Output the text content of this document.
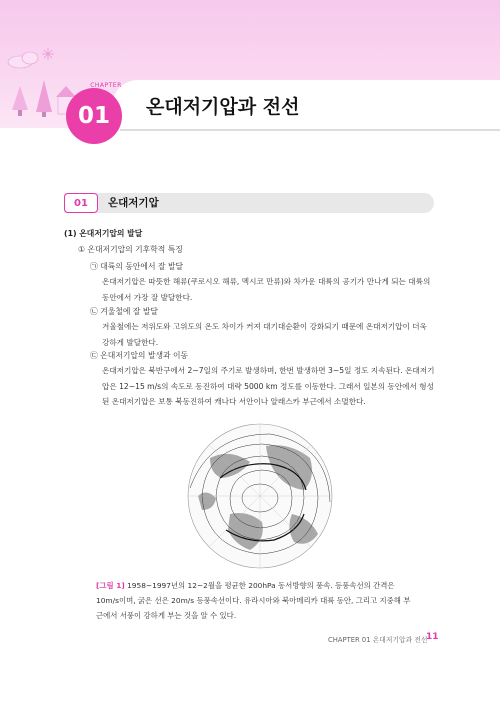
CHAPTER
01 온대저기압과 전선
01 온대저기압
(1) 온대저기압의 발달
① 온대저기압의 기후학적 특징
㉠ 대륙의 동안에서 잘 발달
온대저기압은 따뜻한 해류(쿠로시오 해류, 멕시코 만류)와 차가운 대륙의 공기가 만나게 되는 대륙의 동안에서 가장 잘 발달한다.
㉡ 겨울철에 잘 발달
겨울철에는 저위도와 고위도의 온도 차이가 커져 대기대순환이 강화되기 때문에 온대저기압이 더욱 강하게 발달한다.
㉢ 온대저기압의 발생과 이동
온대저기압은 북반구에서 2~7일의 주기로 발생하며, 한번 발생하면 3~5일 정도 지속된다. 온대저기압은 12~15 m/s의 속도로 동진하여 대략 5000 km 정도를 이동한다. 그래서 일본의 동안에서 형성된 온대저기압은 보통 북동진하여 캐나다 서안이나 알래스카 부근에서 소멸한다.
[그림 1] 1958~1997년의 12~2월을 평균한 200hPa 동서방향의 풍속. 등풍속선의 간격은 10m/s이며, 굵은 선은 20m/s 등풍속선이다. 유라시아와 북아메리카 대륙 동안, 그리고 지중해 부근에서 서풍이 강하게 부는 것을 알 수 있다.
CHAPTER 01 온대저기압과 전선
11
